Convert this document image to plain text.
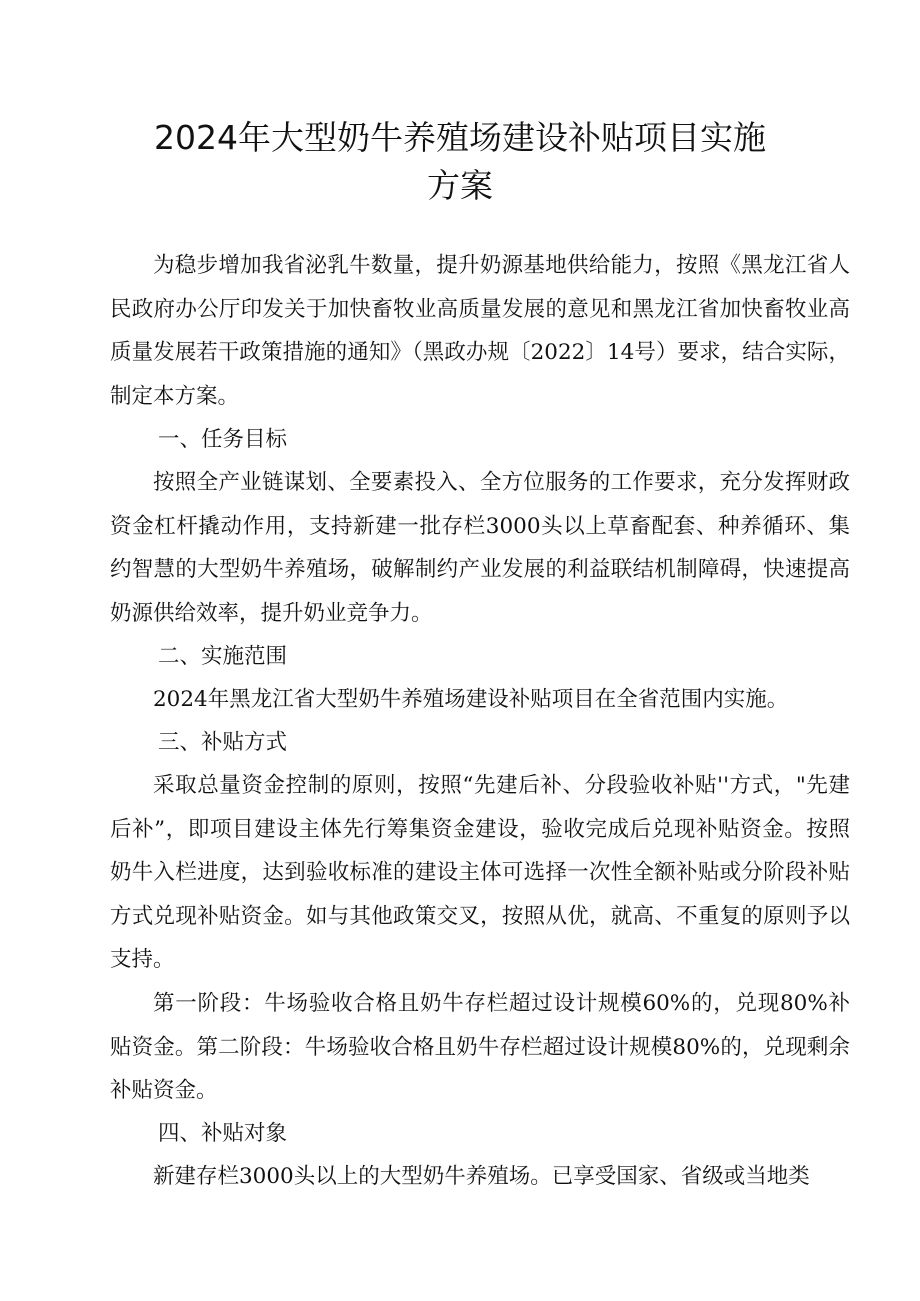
2024年大型奶牛养殖场建设补贴项目实施
方案
为稳步增加我省泌乳牛数量，提升奶源基地供给能力，按照《黑龙江省人民政府办公厅印发关于加快畜牧业高质量发展的意见和黑龙江省加快畜牧业高质量发展若干政策措施的通知》（黑政办规〔2022〕14号）要求，结合实际，制定本方案。
一、任务目标
按照全产业链谋划、全要素投入、全方位服务的工作要求，充分发挥财政资金杠杆撬动作用，支持新建一批存栏3000头以上草畜配套、种养循环、集约智慧的大型奶牛养殖场，破解制约产业发展的利益联结机制障碍，快速提高奶源供给效率，提升奶业竞争力。
二、实施范围
2024年黑龙江省大型奶牛养殖场建设补贴项目在全省范围内实施。
三、补贴方式
采取总量资金控制的原则，按照“先建后补、分段验收补贴''方式，"先建后补”，即项目建设主体先行筹集资金建设，验收完成后兑现补贴资金。按照奶牛入栏进度，达到验收标准的建设主体可选择一次性全额补贴或分阶段补贴方式兑现补贴资金。如与其他政策交叉，按照从优，就高、不重复的原则予以支持。
第一阶段：牛场验收合格且奶牛存栏超过设计规模60%的，兑现80%补贴资金。第二阶段：牛场验收合格且奶牛存栏超过设计规模80%的，兑现剩余补贴资金。
四、补贴对象
新建存栏3000头以上的大型奶牛养殖场。已享受国家、省级或当地类
